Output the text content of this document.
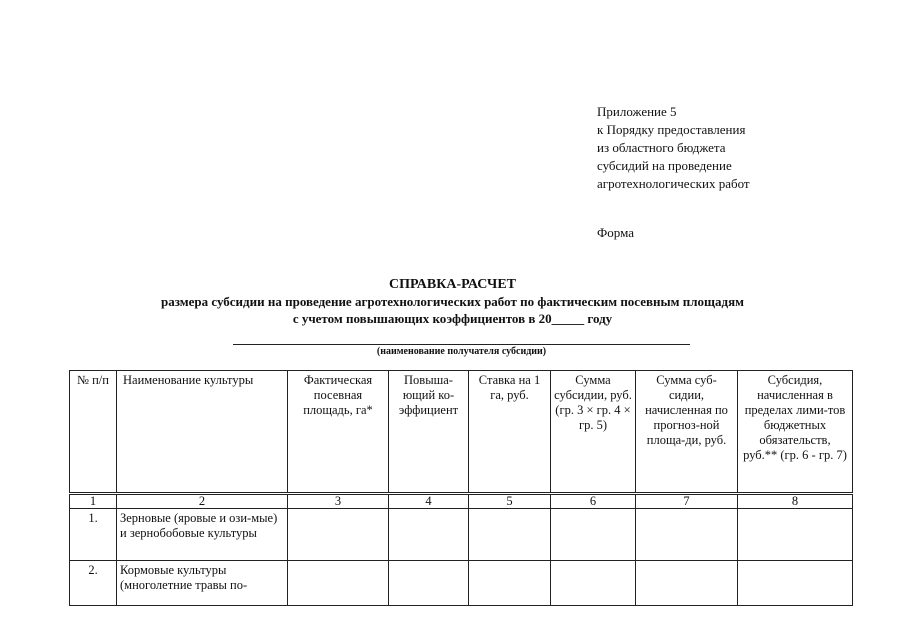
Приложение 5
к Порядку предоставления
из областного бюджета
субсидий на проведение
агротехнологических работ
Форма
СПРАВКА-РАСЧЕТ
размера субсидии на проведение агротехнологических работ по фактическим посевным площадям
с учетом повышающих коэффициентов в 20_____ году
(наименование получателя субсидии)
№ п/п	Наименование культуры	Фактическая посевная площадь, га*	Повыша-ющий ко-эффициент	Ставка на 1 га, руб.	Сумма субсидии, руб. (гр. 3 × гр. 4 × гр. 5)	Сумма суб-сидии, начисленная по прогноз-ной площа-ди, руб.	Субсидия, начисленная в пределах лими-тов бюджетных обязательств, руб.** (гр. 6 - гр. 7)
1	2	3	4	5	6	7	8
1.	Зерновые (яровые и ози-мые) и зернобобовые культуры						
2.	Кормовые культуры (многолетние травы по-						
